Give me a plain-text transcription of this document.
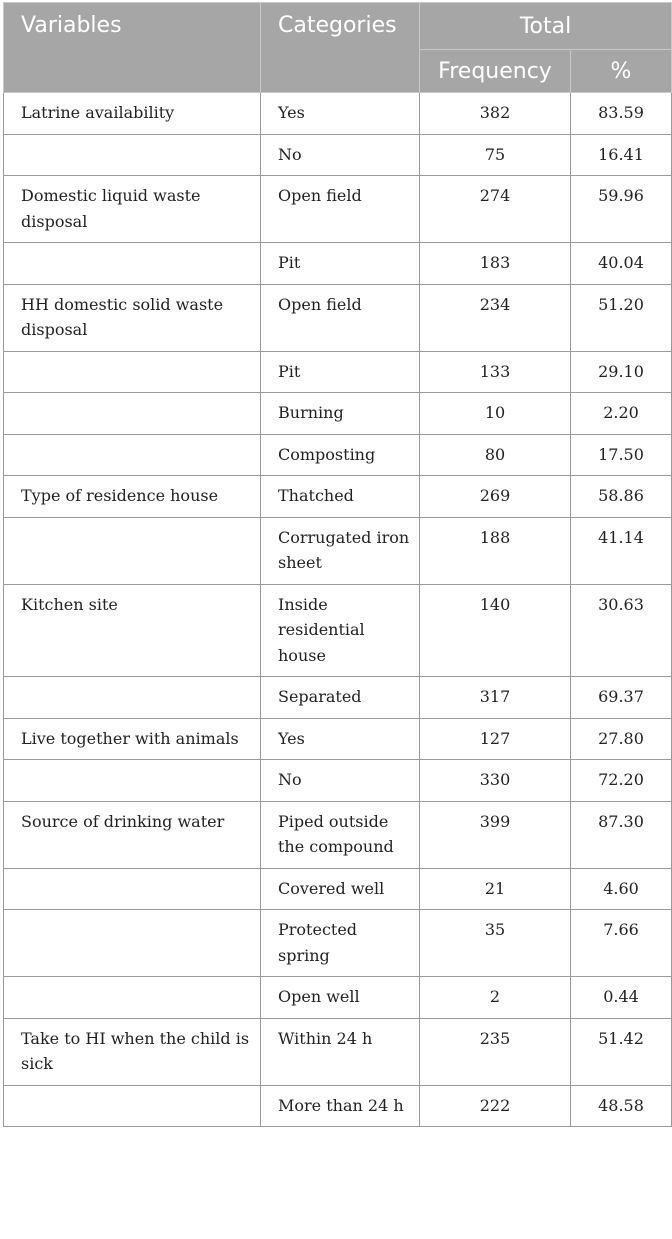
Variables	Categories	Total	
		Frequency	%
Latrine availability	Yes	382	83.59
	No	75	16.41
Domestic liquid waste disposal	Open field	274	59.96
	Pit	183	40.04
HH domestic solid waste disposal	Open field	234	51.20
	Pit	133	29.10
	Burning	10	2.20
	Composting	80	17.50
Type of residence house	Thatched	269	58.86
	Corrugated iron sheet	188	41.14
Kitchen site	Inside residential house	140	30.63
	Separated	317	69.37
Live together with animals	Yes	127	27.80
	No	330	72.20
Source of drinking water	Piped outside the compound	399	87.30
	Covered well	21	4.60
	Protected spring	35	7.66
	Open well	2	0.44
Take to HI when the child is sick	Within 24 h	235	51.42
	More than 24 h	222	48.58
